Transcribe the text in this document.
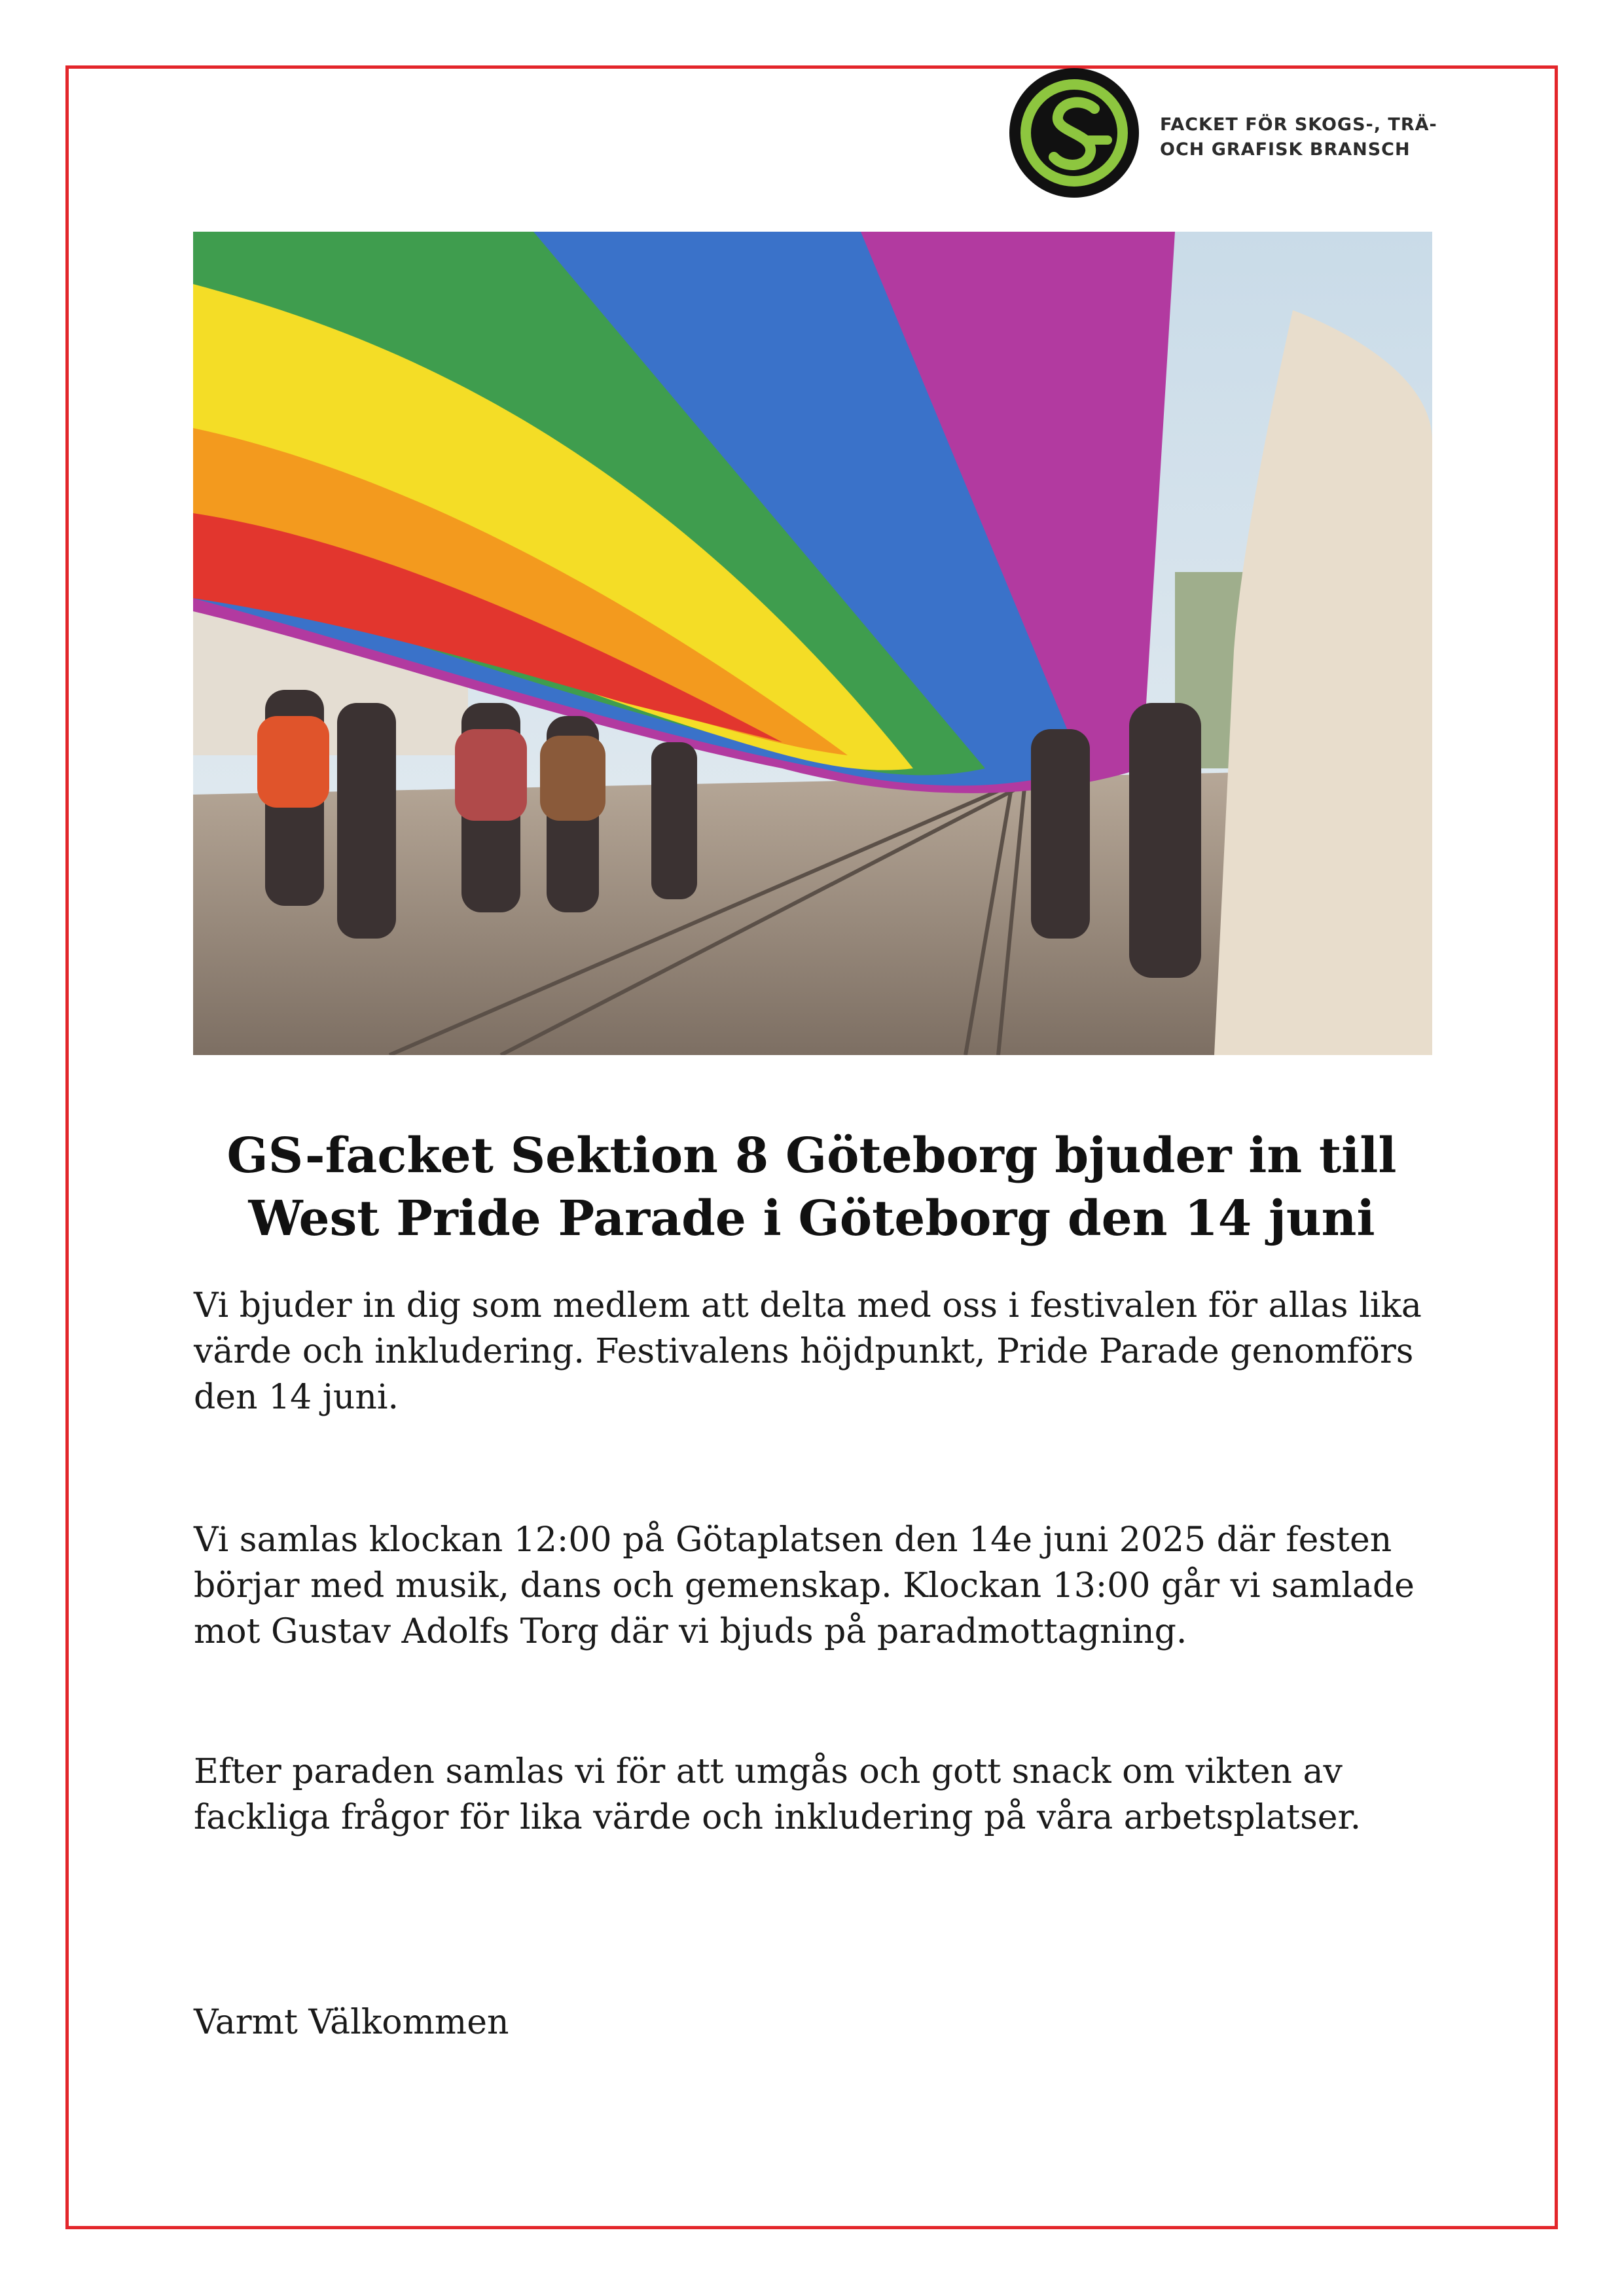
FACKET FÖR SKOGS-, TRÄ-
OCH GRAFISK BRANSCH
GS-facket Sektion 8 Göteborg bjuder in till
West Pride Parade i Göteborg den 14 juni
Vi bjuder in dig som medlem att delta med oss i festivalen för allas lika
värde och inkludering. Festivalens höjdpunkt, Pride Parade genomförs
den 14 juni.
Vi samlas klockan 12:00 på Götaplatsen den 14e juni 2025 där festen
börjar med musik, dans och gemenskap. Klockan 13:00 går vi samlade
mot Gustav Adolfs Torg där vi bjuds på paradmottagning.
Efter paraden samlas vi för att umgås och gott snack om vikten av
fackliga frågor för lika värde och inkludering på våra arbetsplatser.
Varmt Välkommen
